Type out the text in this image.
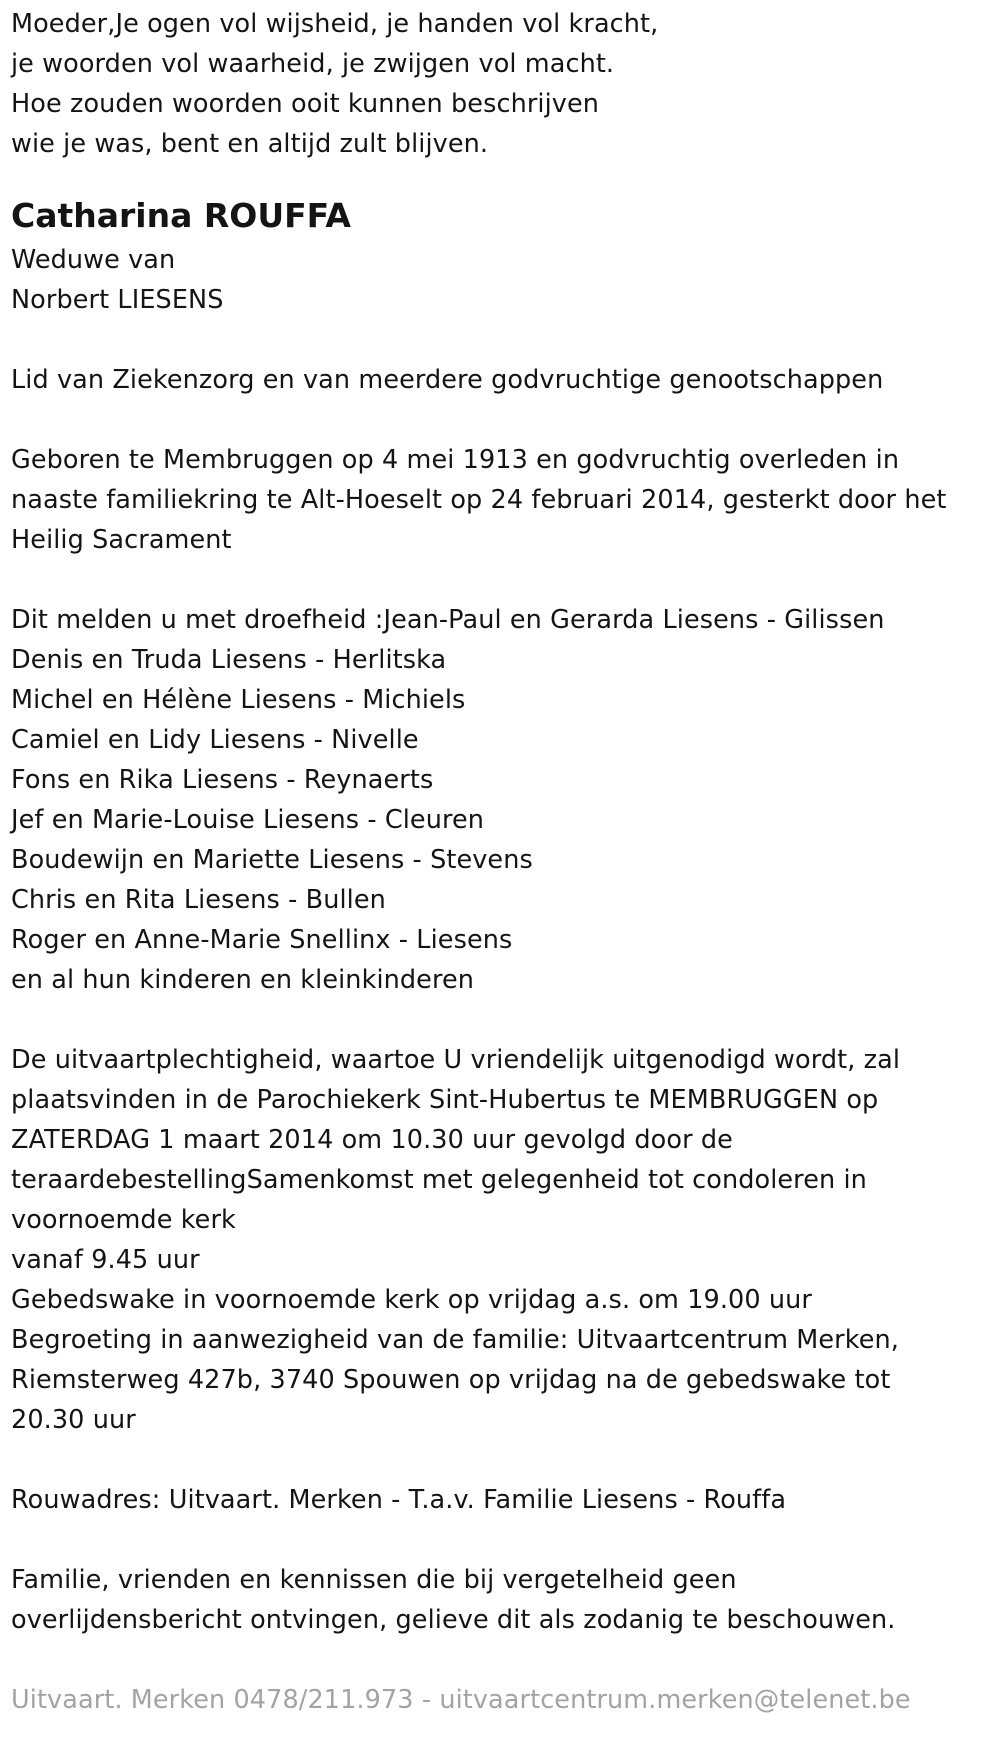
Moeder,Je ogen vol wijsheid, je handen vol kracht,
je woorden vol waarheid, je zwijgen vol macht.
Hoe zouden woorden ooit kunnen beschrijven
wie je was, bent en altijd zult blijven.
Catharina ROUFFA
Weduwe van
Norbert LIESENS
Lid van Ziekenzorg en van meerdere godvruchtige genootschappen
Geboren te Membruggen op 4 mei 1913 en godvruchtig overleden in
naaste familiekring te Alt-Hoeselt op 24 februari 2014, gesterkt door het
Heilig Sacrament
Dit melden u met droefheid :Jean-Paul en Gerarda Liesens - Gilissen
Denis en Truda Liesens - Herlitska
Michel en Hélène Liesens - Michiels
Camiel en Lidy Liesens - Nivelle
Fons en Rika Liesens - Reynaerts
Jef en Marie-Louise Liesens - Cleuren
Boudewijn en Mariette Liesens - Stevens
Chris en Rita Liesens - Bullen
Roger en Anne-Marie Snellinx - Liesens
en al hun kinderen en kleinkinderen
De uitvaartplechtigheid, waartoe U vriendelijk uitgenodigd wordt, zal
plaatsvinden in de Parochiekerk Sint-Hubertus te MEMBRUGGEN op
ZATERDAG 1 maart 2014 om 10.30 uur gevolgd door de
teraardebestellingSamenkomst met gelegenheid tot condoleren in
voornoemde kerk
vanaf 9.45 uur
Gebedswake in voornoemde kerk op vrijdag a.s. om 19.00 uur
Begroeting in aanwezigheid van de familie: Uitvaartcentrum Merken,
Riemsterweg 427b, 3740 Spouwen op vrijdag na de gebedswake tot
20.30 uur
Rouwadres: Uitvaart. Merken - T.a.v. Familie Liesens - Rouffa
Familie, vrienden en kennissen die bij vergetelheid geen
overlijdensbericht ontvingen, gelieve dit als zodanig te beschouwen.
Uitvaart. Merken 0478/211.973 - uitvaartcentrum.merken@telenet.be
